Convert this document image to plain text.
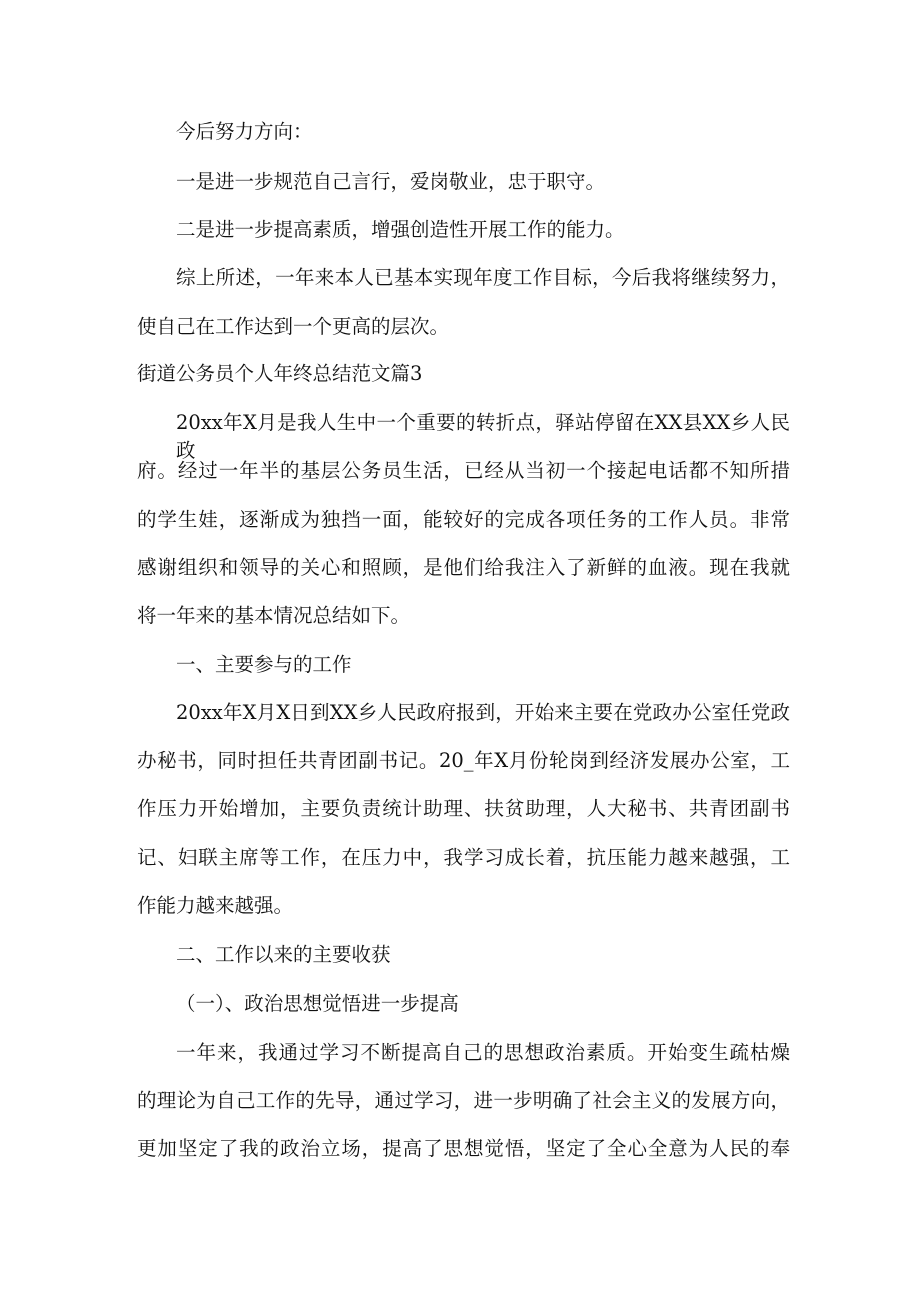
今后努力方向：

一是进一步规范自己言行，爱岗敬业，忠于职守。

二是进一步提高素质，增强创造性开展工作的能力。

综上所述，一年来本人已基本实现年度工作目标，今后我将继续努力，

使自己在工作达到一个更高的层次。

街道公务员个人年终总结范文篇3

20xx年X月是我人生中一个重要的转折点，驿站停留在XX县XX乡人民政

府。经过一年半的基层公务员生活，已经从当初一个接起电话都不知所措

的学生娃，逐渐成为独挡一面，能较好的完成各项任务的工作人员。非常

感谢组织和领导的关心和照顾，是他们给我注入了新鲜的血液。现在我就

将一年来的基本情况总结如下。

一、主要参与的工作

20xx年X月X日到XX乡人民政府报到，开始来主要在党政办公室任党政

办秘书，同时担任共青团副书记。20_年X月份轮岗到经济发展办公室，工

作压力开始增加，主要负责统计助理、扶贫助理，人大秘书、共青团副书

记、妇联主席等工作，在压力中，我学习成长着，抗压能力越来越强，工

作能力越来越强。

二、工作以来的主要收获

（一）、政治思想觉悟进一步提高

一年来，我通过学习不断提高自己的思想政治素质。开始变生疏枯燥

的理论为自己工作的先导，通过学习，进一步明确了社会主义的发展方向，

更加坚定了我的政治立场，提高了思想觉悟，坚定了全心全意为人民的奉
